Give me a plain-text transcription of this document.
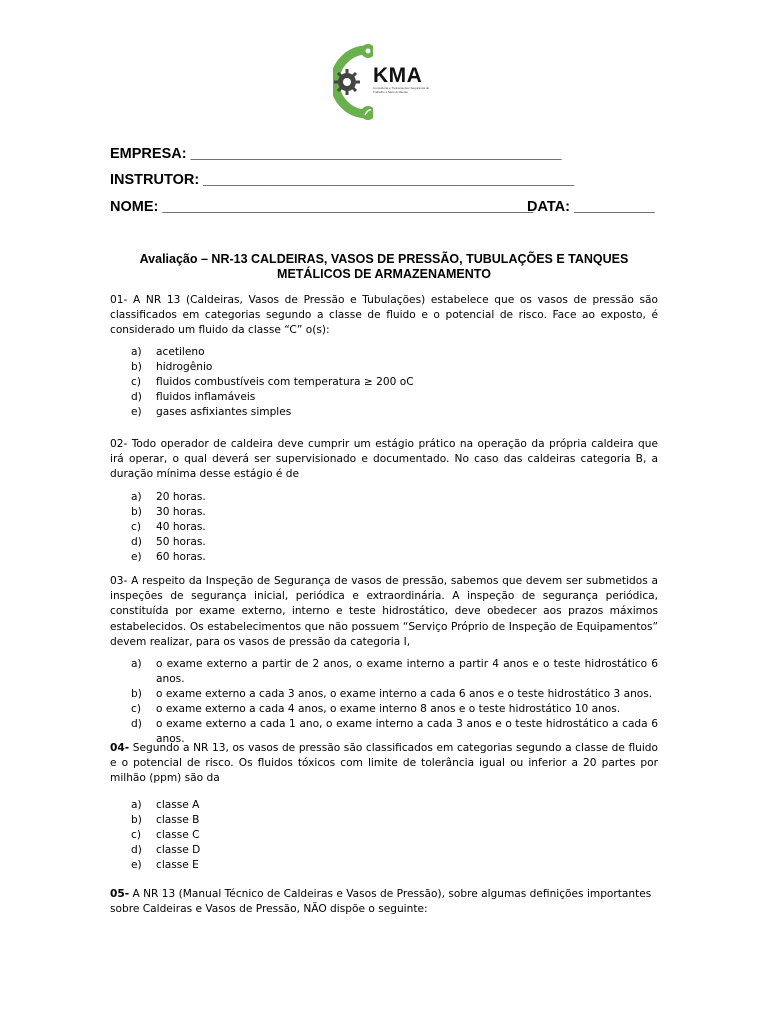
KMA
Consultoria e Treinamentos Segurança do Trabalho e Meio Ambiente
EMPRESA: ______________________________________________
INSTRUTOR: ______________________________________________
NOME: ______________________________________________
DATA: __________
Avaliação – NR-13 CALDEIRAS, VASOS DE PRESSÃO, TUBULAÇÕES E TANQUES METÁLICOS DE ARMAZENAMENTO
01- A NR 13 (Caldeiras, Vasos de Pressão e Tubulações) estabelece que os vasos de pressão são classificados em categorias segundo a classe de fluido e o potencial de risco. Face ao exposto, é considerado um fluido da classe “C” o(s):
a) acetileno
b) hidrogênio
c) fluidos combustíveis com temperatura ≥ 200 oC
d) fluidos inflamáveis
e) gases asfixiantes simples
02- Todo operador de caldeira deve cumprir um estágio prático na operação da própria caldeira que irá operar, o qual deverá ser supervisionado e documentado. No caso das caldeiras categoria B, a duração mínima desse estágio é de
a) 20 horas.
b) 30 horas.
c) 40 horas.
d) 50 horas.
e) 60 horas.
03- A respeito da Inspeção de Segurança de vasos de pressão, sabemos que devem ser submetidos a inspeções de segurança inicial, periódica e extraordinária. A inspeção de segurança periódica, constituída por exame externo, interno e teste hidrostático, deve obedecer aos prazos máximos estabelecidos. Os estabelecimentos que não possuem “Serviço Próprio de Inspeção de Equipamentos” devem realizar, para os vasos de pressão da categoria I,
a) o exame externo a partir de 2 anos, o exame interno a partir 4 anos e o teste hidrostático 6 anos.
b) o exame externo a cada 3 anos, o exame interno a cada 6 anos e o teste hidrostático 3 anos.
c) o exame externo a cada 4 anos, o exame interno 8 anos e o teste hidrostático 10 anos.
d) o exame externo a cada 1 ano, o exame interno a cada 3 anos e o teste hidrostático a cada 6 anos.
04- Segundo a NR 13, os vasos de pressão são classificados em categorias segundo a classe de fluido e o potencial de risco. Os fluidos tóxicos com limite de tolerância igual ou inferior a 20 partes por milhão (ppm) são da
a) classe A
b) classe B
c) classe C
d) classe D
e) classe E
05- A NR 13 (Manual Técnico de Caldeiras e Vasos de Pressão), sobre algumas definições importantes sobre Caldeiras e Vasos de Pressão, NÃO dispõe o seguinte:
